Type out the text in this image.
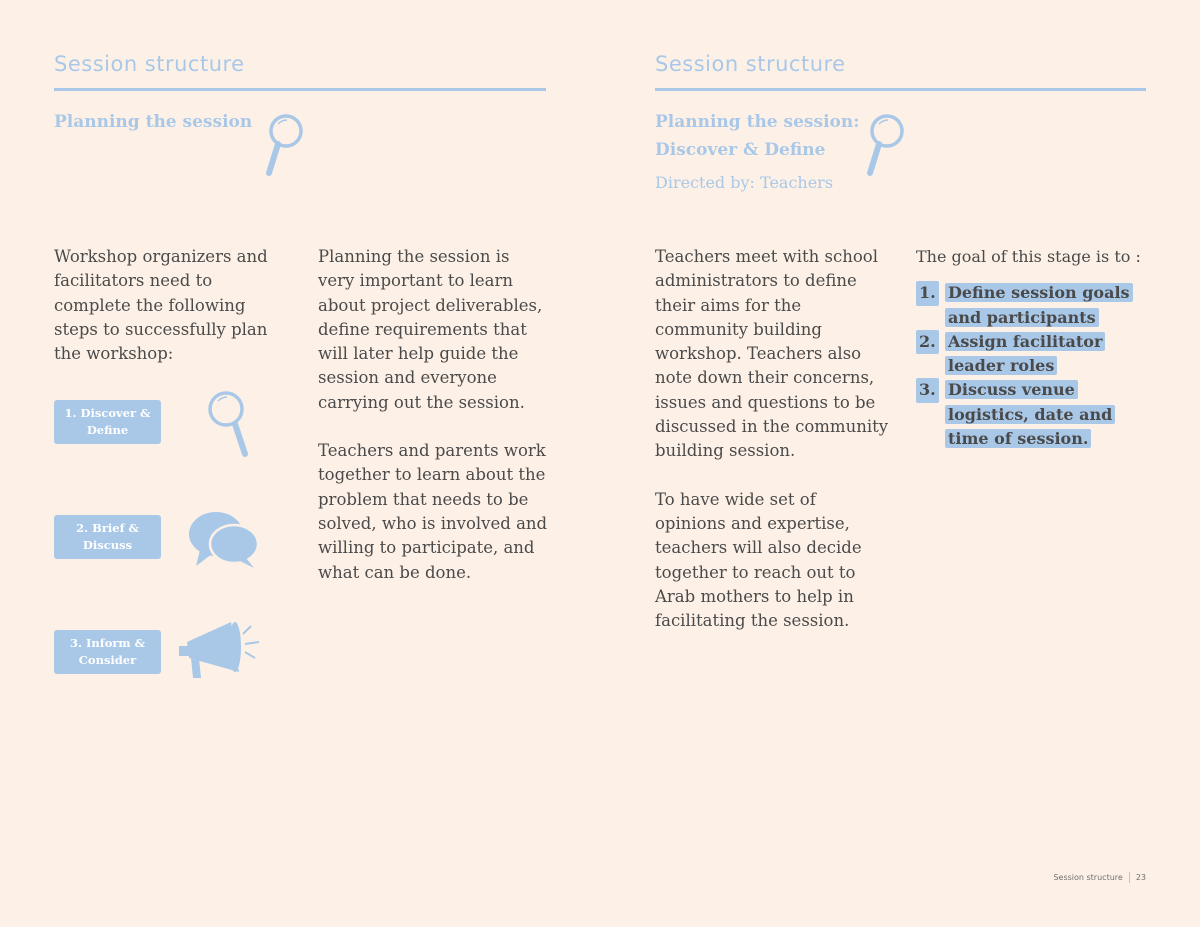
Session structure
Planning the session

Workshop organizers and facilitators need to complete the following steps to successfully plan the workshop:

1. Discover & Define
2. Brief & Discuss
3. Inform & Consider

Planning the session is very important to learn about project deliverables, define requirements that will later help guide the session and everyone carrying out the session.

Teachers and parents work together to learn about the problem that needs to be solved, who is involved and willing to participate, and what can be done.

Session structure
Planning the session:
Discover & Define
Directed by: Teachers

Teachers meet with school administrators to define their aims for the community building workshop. Teachers also note down their concerns, issues and questions to be discussed in the community building session.

To have wide set of opinions and expertise, teachers will also decide together to reach out to Arab mothers to help in facilitating the session.

The goal of this stage is to :

1. Define session goals and participants
2. Assign facilitator leader roles
3. Discuss venue logistics, date and time of session.
Session structure 23
